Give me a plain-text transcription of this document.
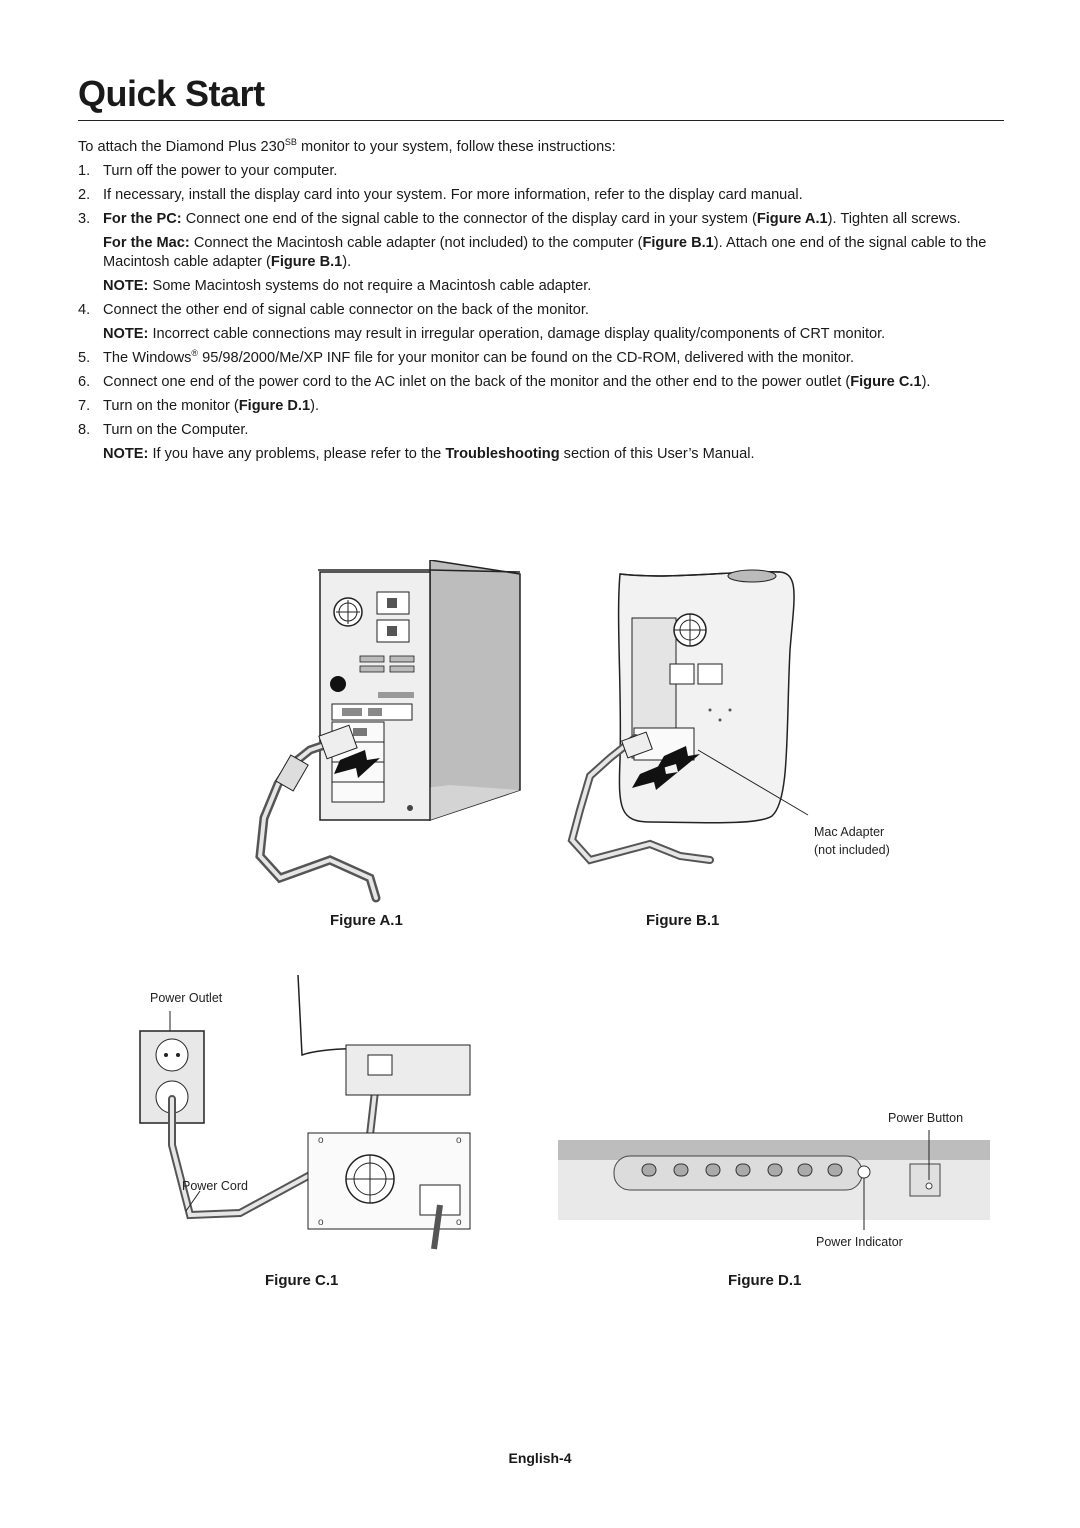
Quick Start

To attach the Diamond Plus $230^{SB}$ monitor to your system, follow these instructions:

1. Turn off the power to your computer.
2. If necessary, install the display card into your system. For more information, refer to the display card manual.
3. For the PC: Connect one end of the signal cable to the connector of the display card in your system (Figure A.1). Tighten all screws.
For the Mac: Connect the Macintosh cable adapter (not included) to the computer (Figure B.1). Attach one end of the signal cable to the Macintosh cable adapter (Figure B.1).
NOTE: Some Macintosh systems do not require a Macintosh cable adapter.
4. Connect the other end of signal cable connector on the back of the monitor.
NOTE: Incorrect cable connections may result in irregular operation, damage display quality/components of CRT monitor.
5. The Windows® 95/98/2000/Me/XP INF file for your monitor can be found on the CD-ROM, delivered with the monitor.
6. Connect one end of the power cord to the AC inlet on the back of the monitor and the other end to the power outlet (Figure C.1).
7. Turn on the monitor (Figure D.1).
8. Turn on the Computer.
NOTE: If you have any problems, please refer to the Troubleshooting section of this User’s Manual.
Figure A.1
Mac Adapter
(not included)
Figure B.1
o	o
o	o
Power Outlet
Power Cord
Figure C.1
Power Button
Power Indicator
Figure D.1
English-4
